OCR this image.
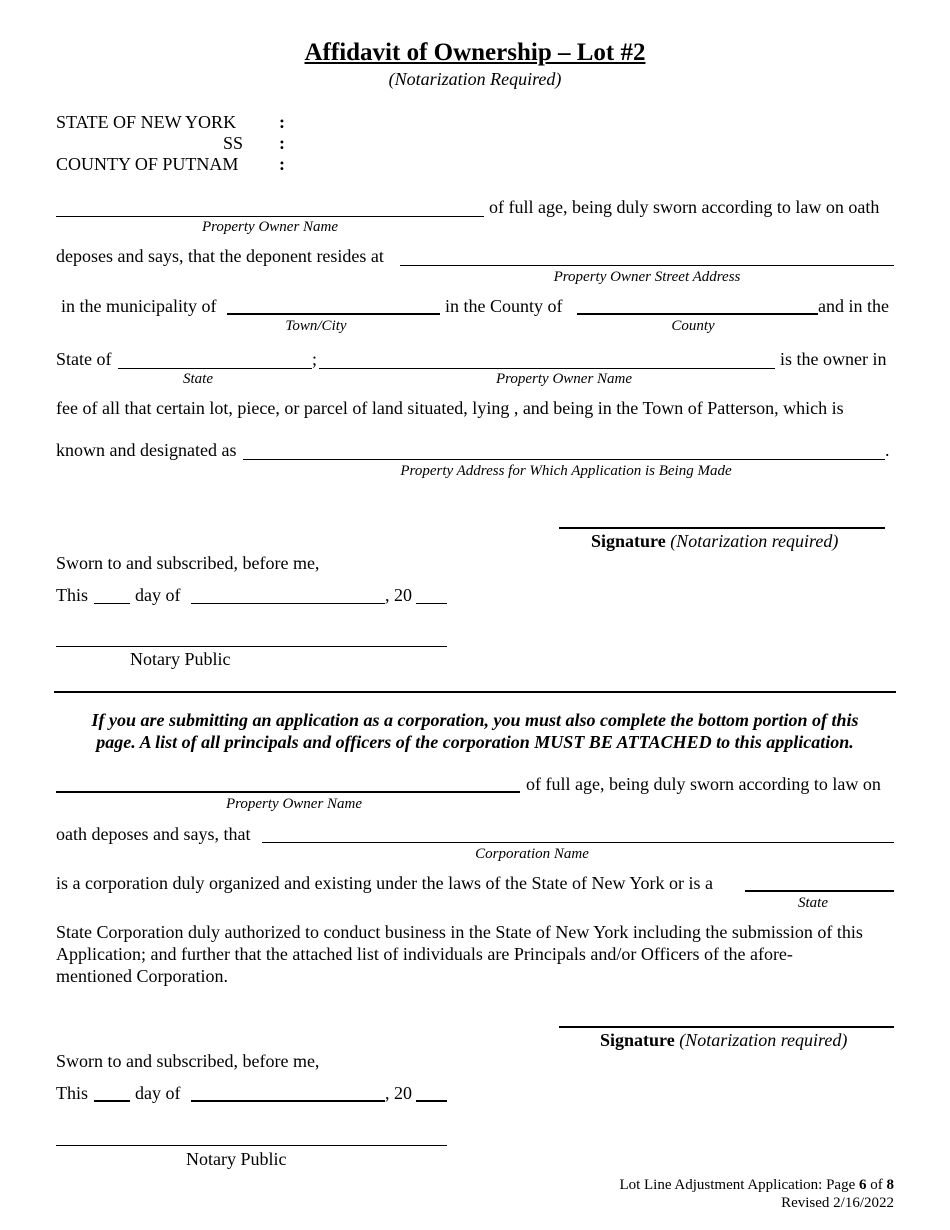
Affidavit of Ownership – Lot #2
(Notarization Required)
STATE OF NEW YORK :
SS :
COUNTY OF PUTNAM :
of full age, being duly sworn according to law on oath
Property Owner Name
deposes and says, that the deponent resides at
Property Owner Street Address
in the municipality of	in the County of	and in the
Town/City	County
State of	;	is the owner in
State	Property Owner Name
fee of all that certain lot, piece, or parcel of land situated, lying , and being in the Town of Patterson, which is
known and designated as	.
Property Address for Which Application is Being Made
Signature (Notarization required)
Sworn to and subscribed, before me,
This	day of	, 20
Notary Public
If you are submitting an application as a corporation, you must also complete the bottom portion of this
page. A list of all principals and officers of the corporation MUST BE ATTACHED to this application.
of full age, being duly sworn according to law on
Property Owner Name
oath deposes and says, that
Corporation Name
is a corporation duly organized and existing under the laws of the State of New York or is a
State
State Corporation duly authorized to conduct business in the State of New York including the submission of this
Application; and further that the attached list of individuals are Principals and/or Officers of the afore-
mentioned Corporation.
Signature (Notarization required)
Sworn to and subscribed, before me,
This	day of	, 20
Notary Public
Lot Line Adjustment Application: Page 6 of 8
Revised 2/16/2022
